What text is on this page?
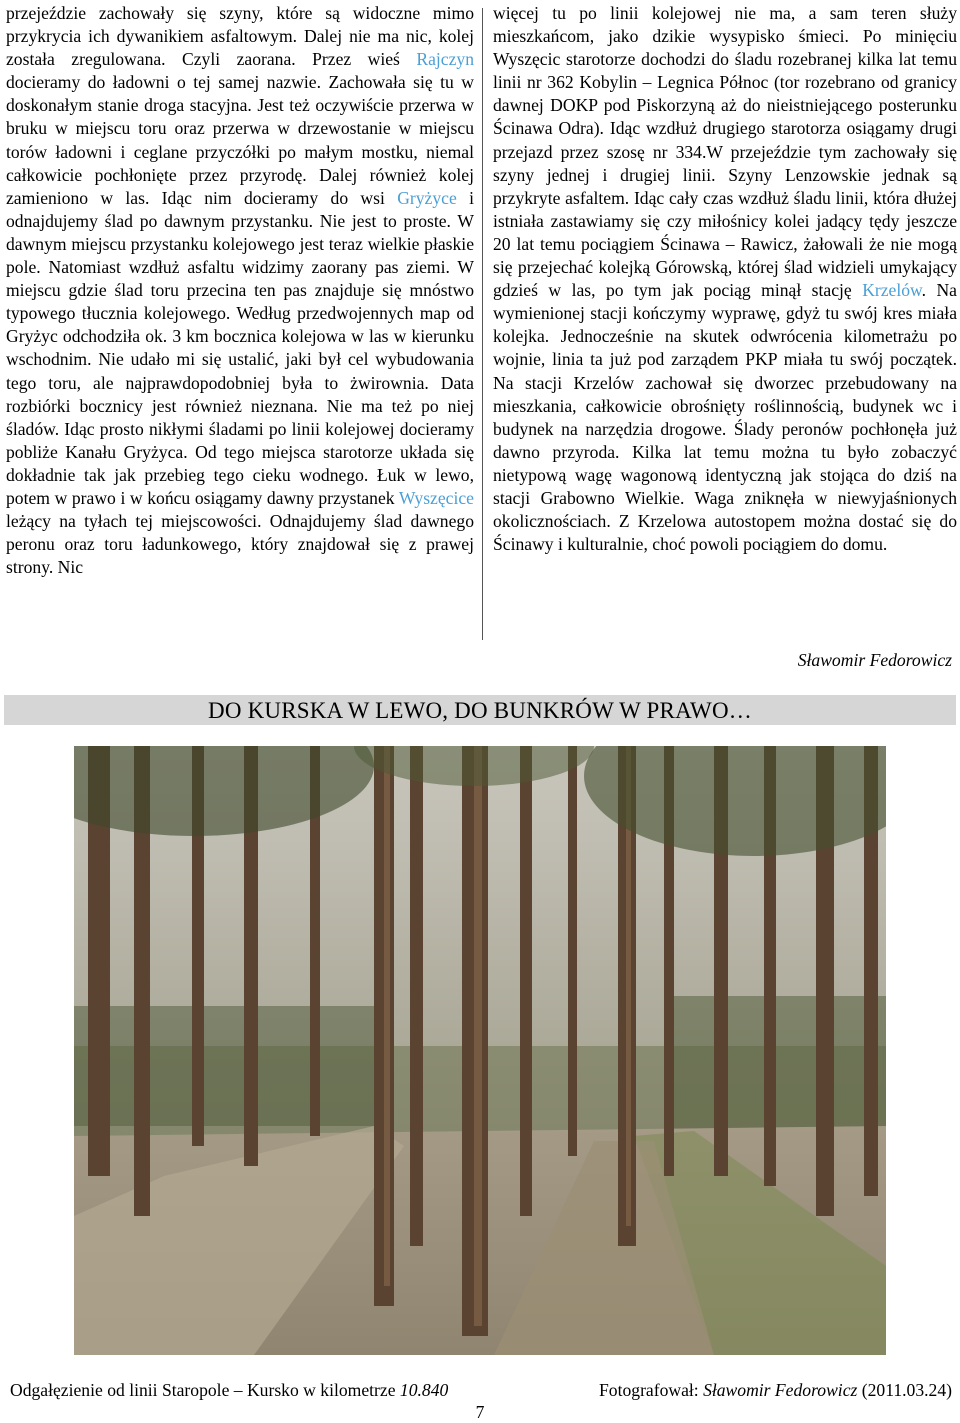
przejeździe zachowały się szyny, które są widoczne mimo przykrycia ich dywanikiem asfaltowym. Dalej nie ma nic, kolej została zregulowana. Czyli zaorana. Przez wieś Rajczyn docieramy do ładowni o tej samej nazwie. Zachowała się tu w doskonałym stanie droga stacyjna. Jest też oczywiście przerwa w bruku w miejscu toru oraz przerwa w drzewostanie w miejscu torów ładowni i ceglane przyczółki po małym mostku, niemal całkowicie pochłonięte przez przyrodę. Dalej również kolej zamieniono w las. Idąc nim docieramy do wsi Gryżyce i odnajdujemy ślad po dawnym przystanku. Nie jest to proste. W dawnym miejscu przystanku kolejowego jest teraz wielkie płaskie pole. Natomiast wzdłuż asfaltu widzimy zaorany pas ziemi. W miejscu gdzie ślad toru przecina ten pas znajduje się mnóstwo typowego tłucznia kolejowego. Według przedwojennych map od Gryżyc odchodziła ok. 3 km bocznica kolejowa w las w kierunku wschodnim. Nie udało mi się ustalić, jaki był cel wybudowania tego toru, ale najprawdopodobniej była to żwirownia. Data rozbiórki bocznicy jest również nieznana. Nie ma też po niej śladów. Idąc prosto nikłymi śladami po linii kolejowej docieramy pobliże Kanału Gryżyca. Od tego miejsca starotorze układa się dokładnie tak jak przebieg tego cieku wodnego. Łuk w lewo, potem w prawo i w końcu osiągamy dawny przystanek Wyszęcice leżący na tyłach tej miejscowości. Odnajdujemy ślad dawnego peronu oraz toru ładunkowego, który znajdował się z prawej strony. Nic

więcej tu po linii kolejowej nie ma, a sam teren służy mieszkańcom, jako dzikie wysypisko śmieci. Po minięciu Wyszęcic starotorze dochodzi do śladu rozebranej kilka lat temu linii nr 362 Kobylin – Legnica Północ (tor rozebrano od granicy dawnej DOKP pod Piskorzyną aż do nieistniejącego posterunku Ścinawa Odra). Idąc wzdłuż drugiego starotorza osiągamy drugi przejazd przez szosę nr 334.W przejeździe tym zachowały się szyny jednej i drugiej linii. Szyny Lenzowskie jednak są przykryte asfaltem. Idąc cały czas wzdłuż śladu linii, która dłużej istniała zastawiamy się czy miłośnicy kolei jadący tędy jeszcze 20 lat temu pociągiem Ścinawa – Rawicz, żałowali że nie mogą się przejechać kolejką Górowską, której ślad widzieli umykający gdzieś w las, po tym jak pociąg minął stację Krzelów. Na wymienionej stacji kończymy wyprawę, gdyż tu swój kres miała kolejka. Jednocześnie na skutek odwrócenia kilometrażu po wojnie, linia ta już pod zarządem PKP miała tu swój początek. Na stacji Krzelów zachował się dworzec przebudowany na mieszkania, całkowicie obrośnięty roślinnością, budynek wc i budynek na narzędzia drogowe. Ślady peronów pochłonęła już dawno przyroda. Kilka lat temu można tu było zobaczyć nietypową wagę wagonową identyczną jak stojąca do dziś na stacji Grabowno Wielkie. Waga zniknęła w niewyjaśnionych okolicznościach. Z Krzelowa autostopem można dostać się do Ścinawy i kulturalnie, choć powoli pociągiem do domu.

Sławomir Fedorowicz
DO KURSKA W LEWO, DO BUNKRÓW W PRAWO…
Odgałęzienie od linii Staropole – Kursko w kilometrze 10.840	Fotografował: Sławomir Fedorowicz (2011.03.24)
7
